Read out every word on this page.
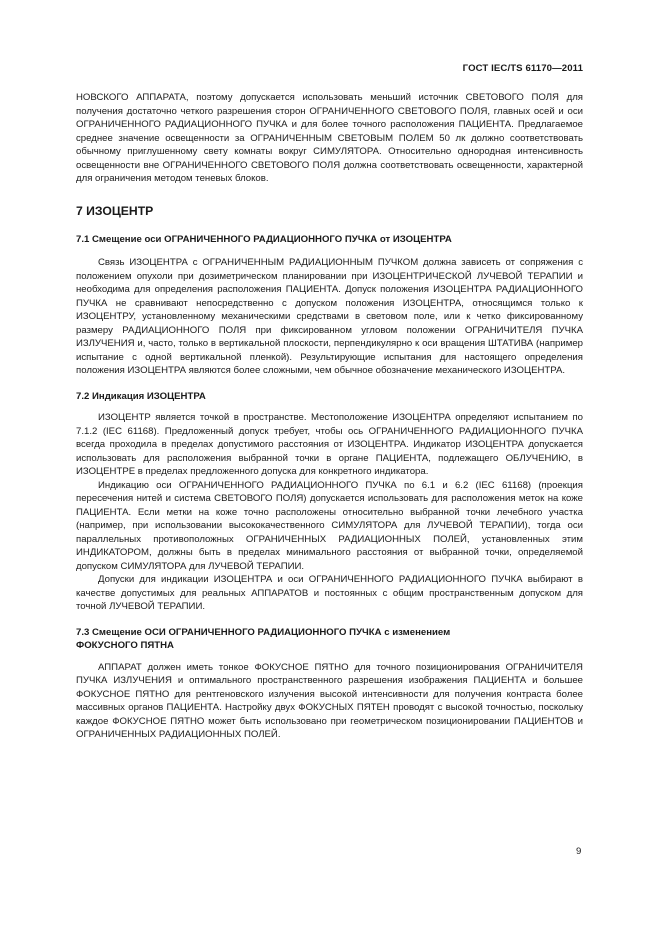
ГОСТ IEC/TS 61170—2011

НОВСКОГО АППАРАТА, поэтому допускается использовать меньший источник СВЕТОВОГО ПОЛЯ для получения достаточно четкого разрешения сторон ОГРАНИЧЕННОГО СВЕТОВОГО ПОЛЯ, главных осей и оси ОГРАНИЧЕННОГО РАДИАЦИОННОГО ПУЧКА и для более точного расположения ПАЦИЕНТА. Предлагаемое среднее значение освещенности за ОГРАНИЧЕННЫМ СВЕТОВЫМ ПОЛЕМ 50 лк должно соответствовать обычному приглушенному свету комнаты вокруг СИМУЛЯТОРА. Относительно однородная интенсивность освещенности вне ОГРАНИЧЕННОГО СВЕТОВОГО ПОЛЯ должна соответствовать освещенности, характерной для ограничения методом теневых блоков.

7 ИЗОЦЕНТР
7.1 Смещение оси ОГРАНИЧЕННОГО РАДИАЦИОННОГО ПУЧКА от ИЗОЦЕНТРА

Связь ИЗОЦЕНТРА с ОГРАНИЧЕННЫМ РАДИАЦИОННЫМ ПУЧКОМ должна зависеть от сопряжения с положением опухоли при дозиметрическом планировании при ИЗОЦЕНТРИЧЕСКОЙ ЛУЧЕВОЙ ТЕРАПИИ и необходима для определения расположения ПАЦИЕНТА. Допуск положения ИЗОЦЕНТРА РАДИАЦИОННОГО ПУЧКА не сравнивают непосредственно с допуском положения ИЗОЦЕНТРА, относящимся только к ИЗОЦЕНТРУ, установленному механическими средствами в световом поле, или к четко фиксированному размеру РАДИАЦИОННОГО ПОЛЯ при фиксированном угловом положении ОГРАНИЧИТЕЛЯ ПУЧКА ИЗЛУЧЕНИЯ и, часто, только в вертикальной плоскости, перпендикулярно к оси вращения ШТАТИВА (например испытание с одной вертикальной пленкой). Результирующие испытания для настоящего определения положения ИЗОЦЕНТРА являются более сложными, чем обычное обозначение механического ИЗОЦЕНТРА.

7.2 Индикация ИЗОЦЕНТРА

ИЗОЦЕНТР является точкой в пространстве. Местоположение ИЗОЦЕНТРА определяют испытанием по 7.1.2 (IEC 61168). Предложенный допуск требует, чтобы ось ОГРАНИЧЕННОГО РАДИАЦИОННОГО ПУЧКА всегда проходила в пределах допустимого расстояния от ИЗОЦЕНТРА. Индикатор ИЗОЦЕНТРА допускается использовать для расположения выбранной точки в органе ПАЦИЕНТА, подлежащего ОБЛУЧЕНИЮ, в ИЗОЦЕНТРЕ в пределах предложенного допуска для конкретного индикатора.

Индикацию оси ОГРАНИЧЕННОГО РАДИАЦИОННОГО ПУЧКА по 6.1 и 6.2 (IEC 61168) (проекция пересечения нитей и система СВЕТОВОГО ПОЛЯ) допускается использовать для расположения меток на коже ПАЦИЕНТА. Если метки на коже точно расположены относительно выбранной точки лечебного участка (например, при использовании высококачественного СИМУЛЯТОРА для ЛУЧЕВОЙ ТЕРАПИИ), тогда оси параллельных противоположных ОГРАНИЧЕННЫХ РАДИАЦИОННЫХ ПОЛЕЙ, установленных этим ИНДИКАТОРОМ, должны быть в пределах минимального расстояния от выбранной точки, определяемой допуском СИМУЛЯТОРА для ЛУЧЕВОЙ ТЕРАПИИ.

Допуски для индикации ИЗОЦЕНТРА и оси ОГРАНИЧЕННОГО РАДИАЦИОННОГО ПУЧКА выбирают в качестве допустимых для реальных АППАРАТОВ и постоянных с общим пространственным допуском для точной ЛУЧЕВОЙ ТЕРАПИИ.

7.3 Смещение ОСИ ОГРАНИЧЕННОГО РАДИАЦИОННОГО ПУЧКА с изменением
ФОКУСНОГО ПЯТНА

АППАРАТ должен иметь тонкое ФОКУСНОЕ ПЯТНО для точного позиционирования ОГРАНИЧИТЕЛЯ ПУЧКА ИЗЛУЧЕНИЯ и оптимального пространственного разрешения изображения ПАЦИЕНТА и большее ФОКУСНОЕ ПЯТНО для рентгеновского излучения высокой интенсивности для получения контраста более массивных органов ПАЦИЕНТА. Настройку двух ФОКУСНЫХ ПЯТЕН проводят с высокой точностью, поскольку каждое ФОКУСНОЕ ПЯТНО может быть использовано при геометрическом позиционировании ПАЦИЕНТОВ и ОГРАНИЧЕННЫХ РАДИАЦИОННЫХ ПОЛЕЙ.

9
